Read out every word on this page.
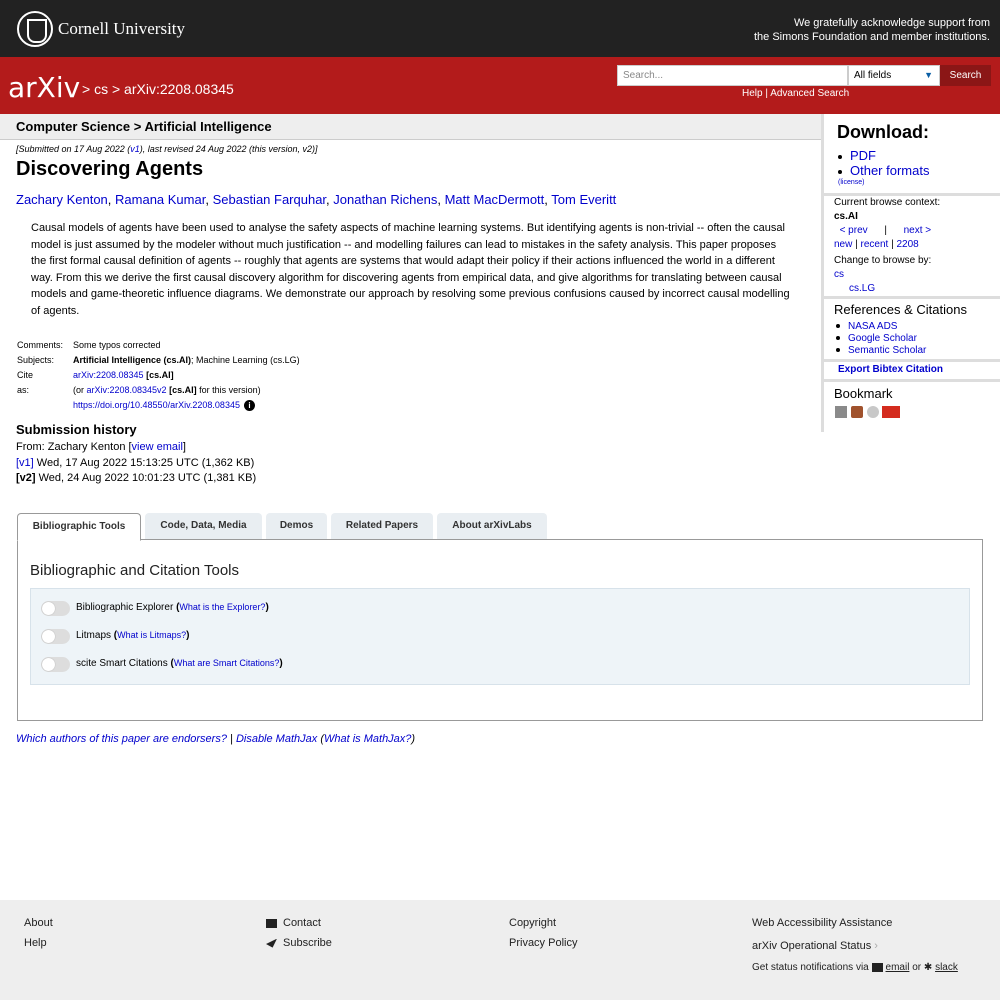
Cornell University	We gratefully acknowledge support from
the Simons Foundation and member institutions.
arXiv > cs > arXiv:2208.08345
Search...	All fields	▼	Search
Help | Advanced Search
Computer Science > Artificial Intelligence
[Submitted on 17 Aug 2022 (v1), last revised 24 Aug 2022 (this version, v2)]
Discovering Agents
Zachary Kenton, Ramana Kumar, Sebastian Farquhar, Jonathan Richens, Matt MacDermott, Tom Everitt
Causal models of agents have been used to analyse the safety aspects of machine learning systems. But identifying agents is non-trivial -- often the causal model is just assumed by the modeler without much justification -- and modelling failures can lead to mistakes in the safety analysis. This paper proposes the first formal causal definition of agents -- roughly that agents are systems that would adapt their policy if their actions influenced the world in a different way. From this we derive the first causal discovery algorithm for discovering agents from empirical data, and give algorithms for translating between causal models and game-theoretic influence diagrams. We demonstrate our approach by resolving some previous confusions caused by incorrect causal modelling of agents.
Comments: Some typos corrected
Subjects: Artificial Intelligence (cs.AI); Machine Learning (cs.LG)
Cite as:
arXiv:2208.08345 [cs.AI]
(or arXiv:2208.08345v2 [cs.AI] for this version)
https://doi.org/10.48550/arXiv.2208.08345 i
Submission history
From: Zachary Kenton [view email]
[v1] Wed, 17 Aug 2022 15:13:25 UTC (1,362 KB)
[v2] Wed, 24 Aug 2022 10:01:23 UTC (1,381 KB)
Bibliographic Tools	Code, Data, Media	Demos	Related Papers	About arXivLabs
Bibliographic and Citation Tools
Bibliographic Explorer (What is the Explorer?)
Litmaps (What is Litmaps?)
scite Smart Citations (What are Smart Citations?)
Which authors of this paper are endorsers? | Disable MathJax (What is MathJax?)
Download:
PDF
Other formats
(license)
Current browse context:
cs.AI
< prev | next >
new | recent | 2208
Change to browse by:
cs
cs.LG
References & Citations
NASA ADS
Google Scholar
Semantic Scholar
Export Bibtex Citation
Bookmark
About
Help
Contact
Subscribe
Copyright
Privacy Policy
Web Accessibility Assistance
arXiv Operational Status ›
Get status notifications via email or ✱ slack
